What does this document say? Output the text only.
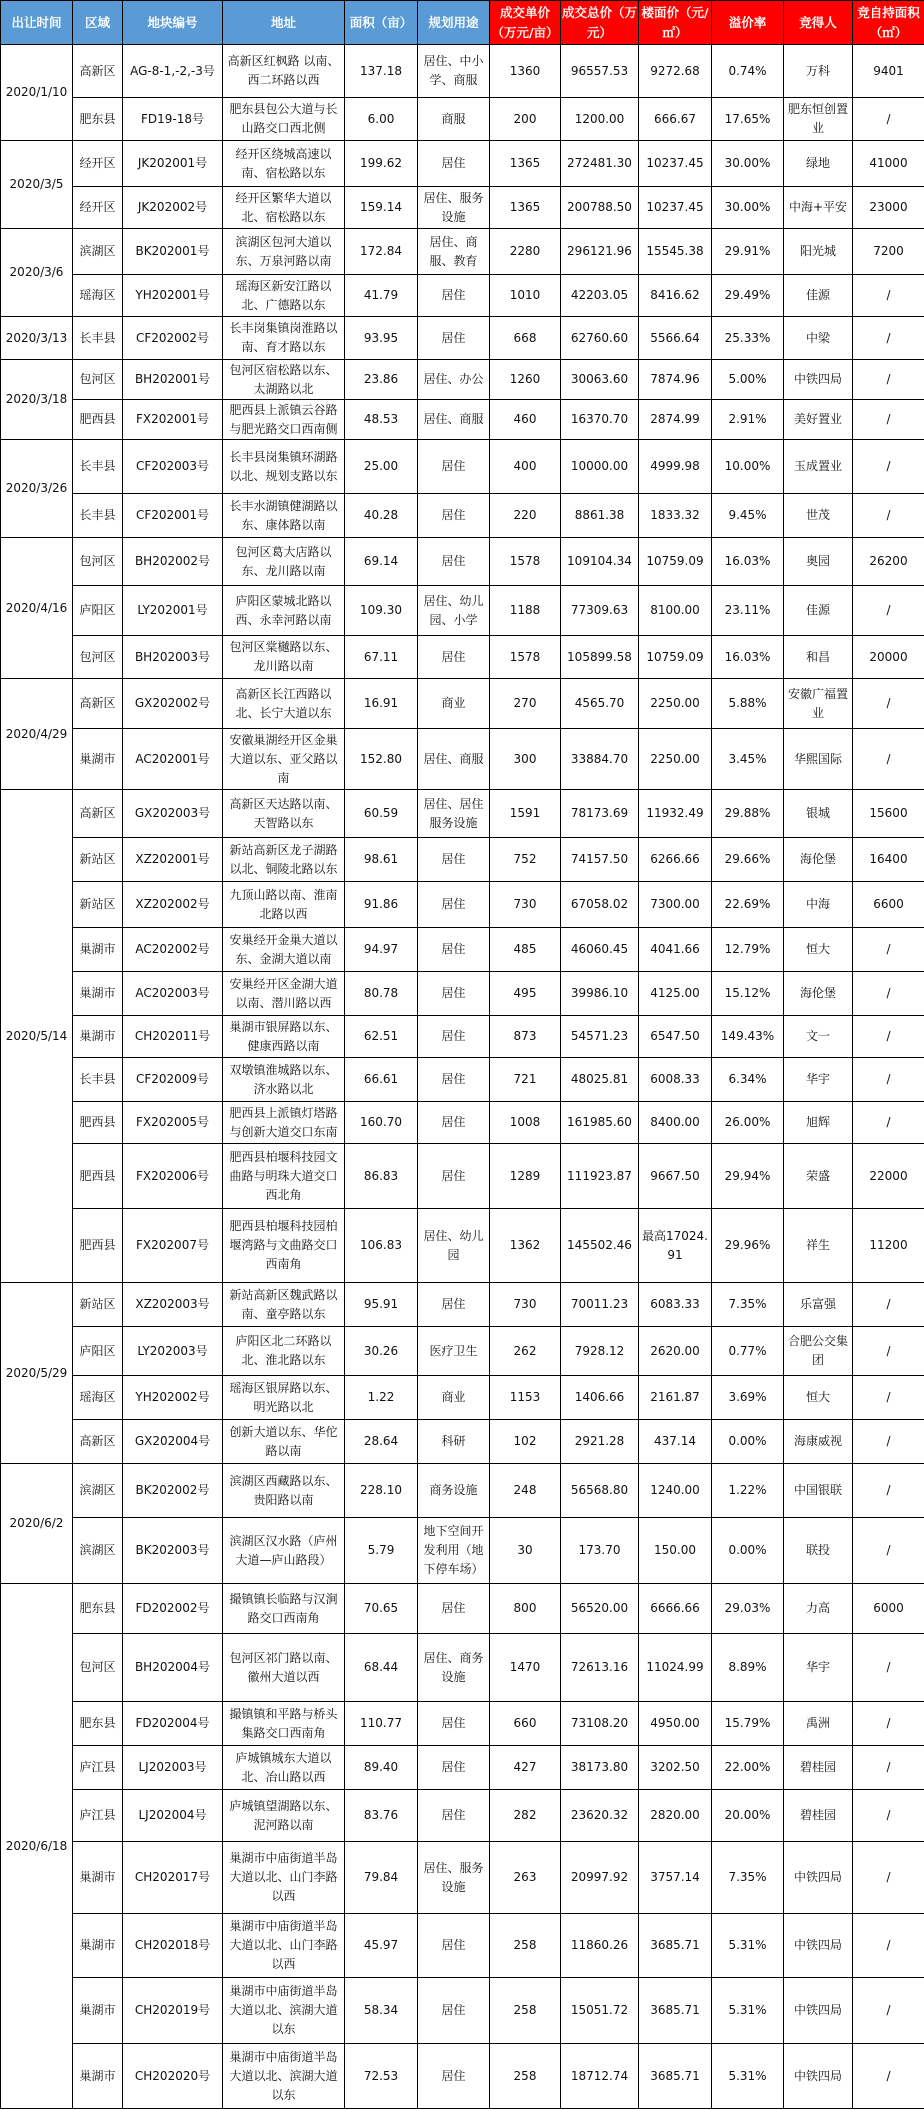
出让时间	区域	地块编号	地址	面积（亩）	规划用途	成交单价（万元/亩）	成交总价（万元）	楼面价（元/㎡）	溢价率	竞得人	竞自持面积（㎡）
2020/1/10	高新区	AG-8-1,-2,-3号	高新区红枫路 以南、西二环路以西	137.18	居住、中小学、商服	1360	96557.53	9272.68	0.74%	万科	9401
	肥东县	FD19-18号	肥东县包公大道与长山路交口西北侧	6.00	商服	200	1200.00	666.67	17.65%	肥东恒创置业	/
2020/3/5	经开区	JK202001号	经开区绕城高速以南、宿松路以东	199.62	居住	1365	272481.30	10237.45	30.00%	绿地	41000
	经开区	JK202002号	经开区繁华大道以北、宿松路以东	159.14	居住、服务设施	1365	200788.50	10237.45	30.00%	中海+平安	23000
2020/3/6	滨湖区	BK202001号	滨湖区包河大道以东、万泉河路以南	172.84	居住、商服、教育	2280	296121.96	15545.38	29.91%	阳光城	7200
	瑶海区	YH202001号	瑶海区新安江路以北、广德路以东	41.79	居住	1010	42203.05	8416.62	29.49%	佳源	/
2020/3/13	长丰县	CF202002号	长丰岗集镇岗淮路以南、育才路以东	93.95	居住	668	62760.60	5566.64	25.33%	中梁	/
2020/3/18	包河区	BH202001号	包河区宿松路以东、太湖路以北	23.86	居住、办公	1260	30063.60	7874.96	5.00%	中铁四局	/
	肥西县	FX202001号	肥西县上派镇云谷路与肥光路交口西南侧	48.53	居住、商服	460	16370.70	2874.99	2.91%	美好置业	/
2020/3/26	长丰县	CF202003号	长丰县岗集镇环湖路以北、规划支路以东	25.00	居住	400	10000.00	4999.98	10.00%	玉成置业	/
	长丰县	CF202001号	长丰水湖镇健湖路以东、康体路以南	40.28	居住	220	8861.38	1833.32	9.45%	世茂	/
2020/4/16	包河区	BH202002号	包河区葛大店路以东、龙川路以南	69.14	居住	1578	109104.34	10759.09	16.03%	奥园	26200
	庐阳区	LY202001号	庐阳区蒙城北路以西、永幸河路以南	109.30	居住、幼儿园、小学	1188	77309.63	8100.00	23.11%	佳源	/
	包河区	BH202003号	包河区棠樾路以东、龙川路以南	67.11	居住	1578	105899.58	10759.09	16.03%	和昌	20000
2020/4/29	高新区	GX202002号	高新区长江西路以北、长宁大道以东	16.91	商业	270	4565.70	2250.00	5.88%	安徽广福置业	/
	巢湖市	AC202001号	安徽巢湖经开区金巢大道以东、亚父路以南	152.80	居住、商服	300	33884.70	2250.00	3.45%	华熙国际	/
2020/5/14	高新区	GX202003号	高新区天达路以南、天智路以东	60.59	居住、居住服务设施	1591	78173.69	11932.49	29.88%	银城	15600
	新站区	XZ202001号	新站高新区龙子湖路以北、铜陵北路以东	98.61	居住	752	74157.50	6266.66	29.66%	海伦堡	16400
	新站区	XZ202002号	九顶山路以南、淮南北路以西	91.86	居住	730	67058.02	7300.00	22.69%	中海	6600
	巢湖市	AC202002号	安巢经开金巢大道以东、金湖大道以南	94.97	居住	485	46060.45	4041.66	12.79%	恒大	/
	巢湖市	AC202003号	安巢经开区金湖大道以南、潜川路以西	80.78	居住	495	39986.10	4125.00	15.12%	海伦堡	/
	巢湖市	CH202011号	巢湖市银屏路以东、健康西路以南	62.51	居住	873	54571.23	6547.50	149.43%	文一	/
	长丰县	CF202009号	双墩镇淮城路以东、济水路以北	66.61	居住	721	48025.81	6008.33	6.34%	华宇	/
	肥西县	FX202005号	肥西县上派镇灯塔路与创新大道交口东南	160.70	居住	1008	161985.60	8400.00	26.00%	旭辉	/
	肥西县	FX202006号	肥西县柏堰科技园文曲路与明珠大道交口西北角	86.83	居住	1289	111923.87	9667.50	29.94%	荣盛	22000
	肥西县	FX202007号	肥西县柏堰科技园柏堰湾路与文曲路交口西南角	106.83	居住、幼儿园	1362	145502.46	最高17024.91	29.96%	祥生	11200
2020/5/29	新站区	XZ202003号	新站高新区魏武路以南、童亭路以东	95.91	居住	730	70011.23	6083.33	7.35%	乐富强	/
	庐阳区	LY202003号	庐阳区北二环路以北、淮北路以东	30.26	医疗卫生	262	7928.12	2620.00	0.77%	合肥公交集团	/
	瑶海区	YH202002号	瑶海区银屏路以东、明光路以北	1.22	商业	1153	1406.66	2161.87	3.69%	恒大	/
	高新区	GX202004号	创新大道以东、华佗路以南	28.64	科研	102	2921.28	437.14	0.00%	海康威视	/
2020/6/2	滨湖区	BK202002号	滨湖区西藏路以东、贵阳路以南	228.10	商务设施	248	56568.80	1240.00	1.22%	中国银联	/
	滨湖区	BK202003号	滨湖区汉水路（庐州大道—庐山路段）	5.79	地下空间开发利用（地下停车场）	30	173.70	150.00	0.00%	联投	/
2020/6/18	肥东县	FD202002号	撮镇镇长临路与汉涧路交口西南角	70.65	居住	800	56520.00	6666.66	29.03%	力高	6000
	包河区	BH202004号	包河区祁门路以南、徽州大道以西	68.44	居住、商务设施	1470	72613.16	11024.99	8.89%	华宇	/
	肥东县	FD202004号	撮镇镇和平路与桥头集路交口西南角	110.77	居住	660	73108.20	4950.00	15.79%	禹洲	/
	庐江县	LJ202003号	庐城镇城东大道以北、冶山路以西	89.40	居住	427	38173.80	3202.50	22.00%	碧桂园	/
	庐江县	LJ202004号	庐城镇望湖路以东、泥河路以南	83.76	居住	282	23620.32	2820.00	20.00%	碧桂园	/
	巢湖市	CH202017号	巢湖市中庙街道半岛大道以北、山门李路以西	79.84	居住、服务设施	263	20997.92	3757.14	7.35%	中铁四局	/
	巢湖市	CH202018号	巢湖市中庙街道半岛大道以北、山门李路以西	45.97	居住	258	11860.26	3685.71	5.31%	中铁四局	/
	巢湖市	CH202019号	巢湖市中庙街道半岛大道以北、滨湖大道以东	58.34	居住	258	15051.72	3685.71	5.31%	中铁四局	/
	巢湖市	CH202020号	巢湖市中庙街道半岛大道以北、滨湖大道以东	72.53	居住	258	18712.74	3685.71	5.31%	中铁四局	/
